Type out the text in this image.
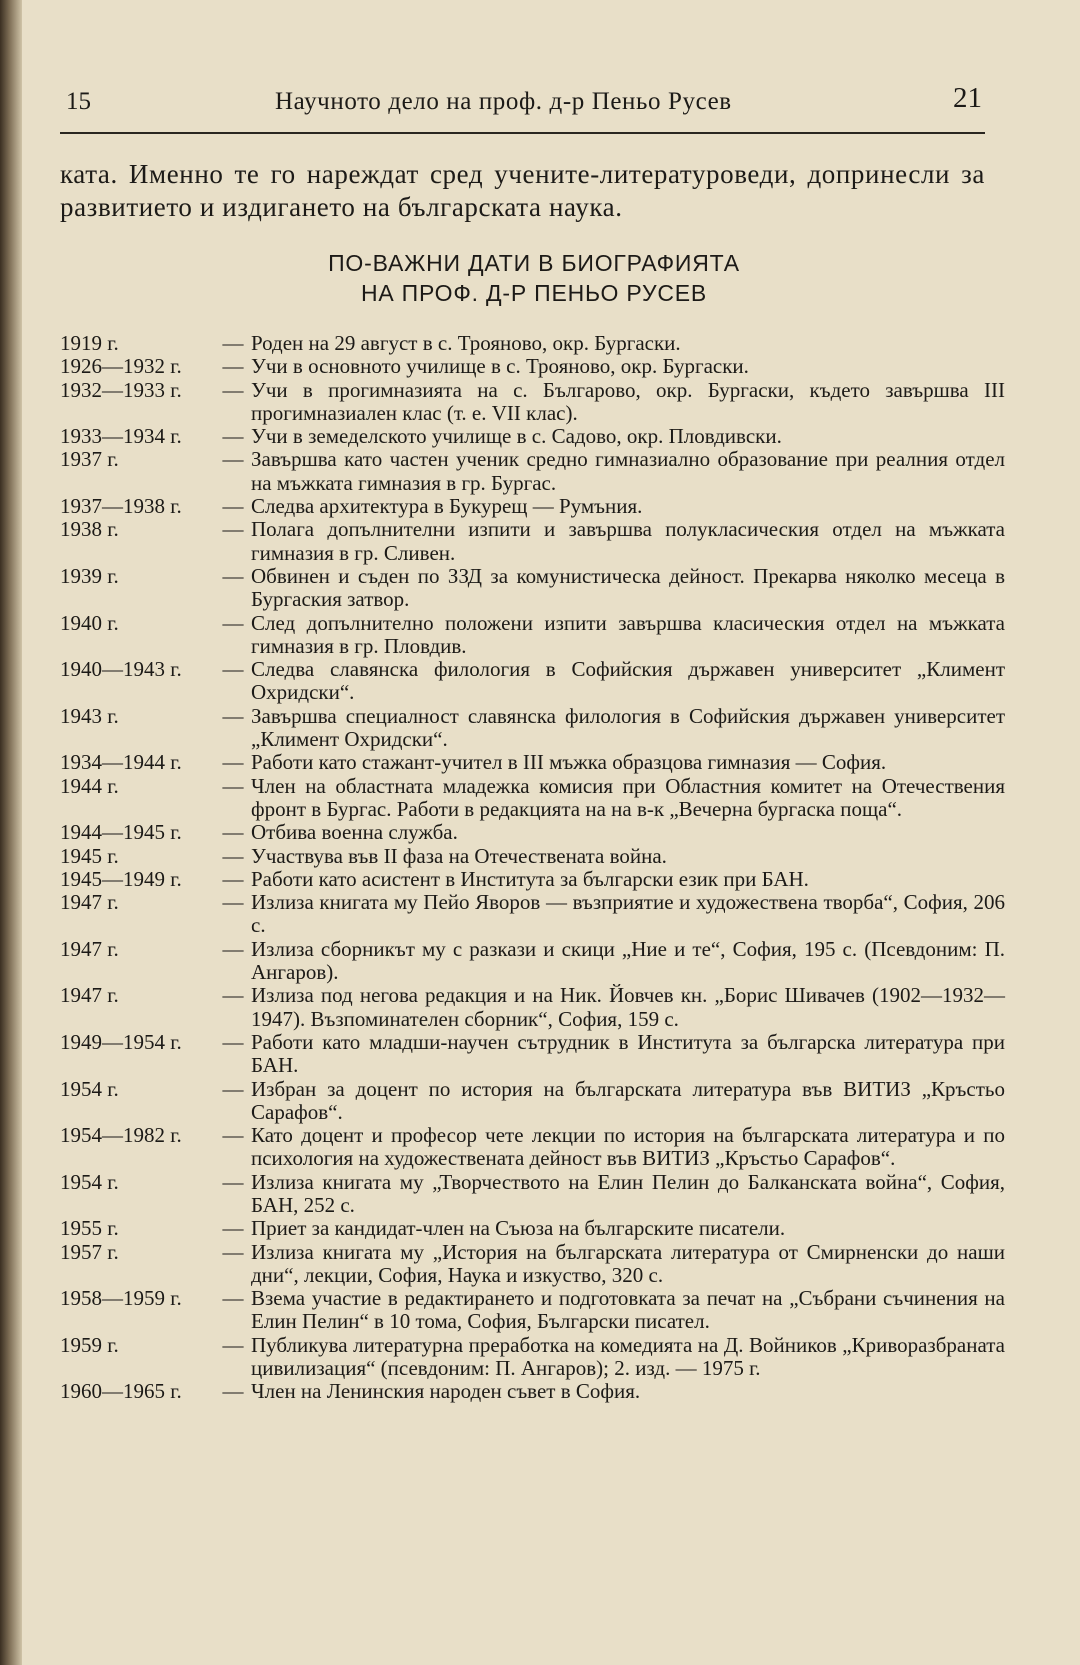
15	Научното дело на проф. д-р Пеньо Русев	21
ката. Именно те го нареждат сред учените-литературоведи, допринесли за развитието и издигането на българската наука.
ПО-ВАЖНИ ДАТИ В БИОГРАФИЯТА
НА ПРОФ. Д-Р ПЕНЬО РУСЕВ
1919 г.	— Роден на 29 август в с. Трояново, окр. Бургаски.
1926—1932 г.	— Учи в основното училище в с. Трояново, окр. Бургаски.
1932—1933 г.	— Учи в прогимназията на с. Българово, окр. Бургаски, където завършва III прогимназиален клас (т. е. VII клас).
1933—1934 г.	— Учи в земеделското училище в с. Садово, окр. Пловдивски.
1937 г.	— Завършва като частен ученик средно гимназиално образование при реалния отдел на мъжката гимназия в гр. Бургас.
1937—1938 г.	— Следва архитектура в Букурещ — Румъния.
1938 г.	— Полага допълнителни изпити и завършва полукласическия отдел на мъжката гимназия в гр. Сливен.
1939 г.	— Обвинен и съден по ЗЗД за комунистическа дейност. Прекарва няколко месеца в Бургаския затвор.
1940 г.	— След допълнително положени изпити завършва класическия отдел на мъжката гимназия в гр. Пловдив.
1940—1943 г.	— Следва славянска филология в Софийския държавен университет „Климент Охридски“.
1943 г.	— Завършва специалност славянска филология в Софийския държавен университет „Климент Охридски“.
1934—1944 г.	— Работи като стажант-учител в III мъжка образцова гимназия — София.
1944 г.	— Член на областната младежка комисия при Областния комитет на Отечествения фронт в Бургас. Работи в редакцията на на в-к „Вечерна бургаска поща“.
1944—1945 г.	— Отбива военна служба.
1945 г.	— Участвува във II фаза на Отечествената война.
1945—1949 г.	— Работи като асистент в Института за български език при БАН.
1947 г.	— Излиза книгата му Пейо Яворов — възприятие и художествена творба“, София, 206 с.
1947 г.	— Излиза сборникът му с разкази и скици „Ние и те“, София, 195 с. (Псевдоним: П. Ангаров).
1947 г.	— Излиза под негова редакция и на Ник. Йовчев кн. „Борис Шивачев (1902—1932—1947). Възпоминателен сборник“, София, 159 с.
1949—1954 г.	— Работи като младши-научен сътрудник в Института за българска литература при БАН.
1954 г.	— Избран за доцент по история на българската литература във ВИТИЗ „Кръстьо Сарафов“.
1954—1982 г.	— Като доцент и професор чете лекции по история на българската литература и по психология на художествената дейност във ВИТИЗ „Кръстьо Сарафов“.
1954 г.	— Излиза книгата му „Творчеството на Елин Пелин до Балканската война“, София, БАН, 252 с.
1955 г.	— Приет за кандидат-член на Съюза на българските писатели.
1957 г.	— Излиза книгата му „История на българската литература от Смирненски до наши дни“, лекции, София, Наука и изкуство, 320 с.
1958—1959 г.	— Взема участие в редактирането и подготовката за печат на „Събрани съчинения на Елин Пелин“ в 10 тома, София, Български писател.
1959 г.	— Публикува литературна преработка на комедията на Д. Войников „Криворазбраната цивилизация“ (псевдоним: П. Ангаров); 2. изд. — 1975 г.
1960—1965 г.	— Член на Ленинския народен съвет в София.
